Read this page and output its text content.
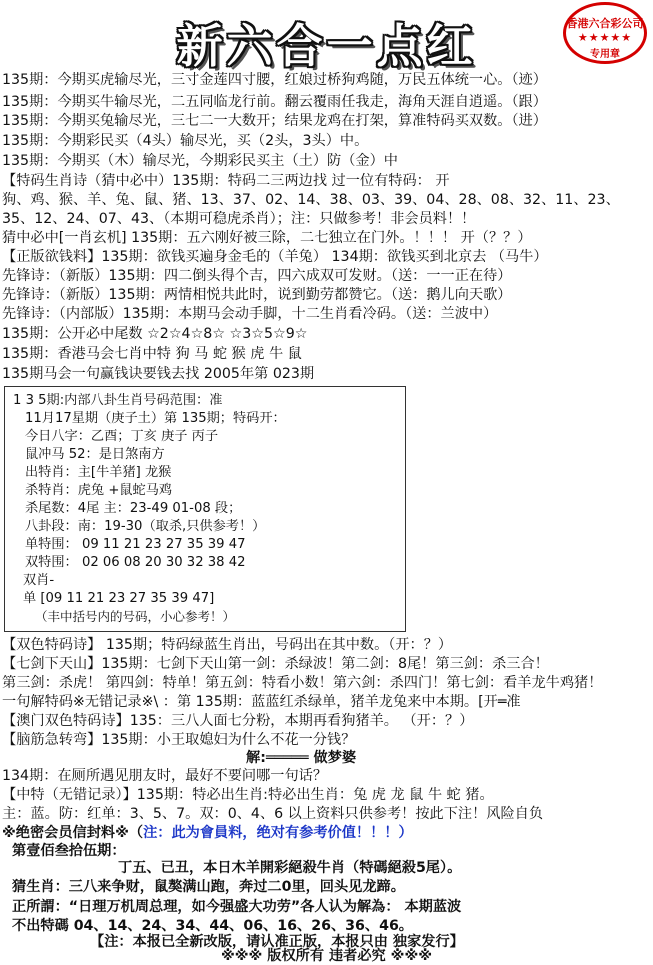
新六合一点红	香港六合彩公司
★★★★★
专用章
135期：今期买虎输尽光，三寸金莲四寸腰，红娘过桥狗鸡随，万民五体统一心。（迹）
135期：今期买牛输尽光，二五同临龙行前。翻云覆雨任我走，海角天涯自逍遥。（跟）
135期：今期买兔输尽光，三七二一大数开；结果龙鸡在打架，算准特码买双数。（进）
135期：今期彩民买（4头）输尽光，买（2头，3头）中。
135期：今期买（木）输尽光，今期彩民买主（土）防（金）中
【特码生肖诗（猜中必中）135期：特码二三两边找 过一位有特码： 开
狗、鸡、猴、羊、兔、鼠、猪、13、37、02、14、38、03、39、04、28、08、32、11、23、
35、12、24、07、43、（本期可稳虎杀肖）；注：只做参考！非会员料！！
猜中必中[一肖玄机] 135期：五六刚好被三除，二七独立在门外。！！！ 开（？？）
【正版欲钱料】135期：欲钱买遍身金毛的（羊兔） 134期：欲钱买到北京去 （马牛）
先锋诗：（新版）135期：四二倒头得个吉，四六成双可发财。（送：一一正在待）
先锋诗：（新版）135期：两情相悦共此时，说到勤劳都赞它。（送：鹅儿向天歌）
先锋诗：（内部版）135期：本期马会动手脚，十二生肖看冷码。（送：兰波中）
135期：公开必中尾数 ☆2☆4☆8☆ ☆3☆5☆9☆
135期：香港马会七肖中特 狗 马 蛇 猴 虎 牛 鼠
135期马会一句赢钱诀要钱去找 2005年第 023期
1 3 5期:内部八卦生肖号码范围：准
11月17星期（庚子土）第 135期；特码开：
今日八字：乙酉；丁亥 庚子 丙子
鼠冲马 52：是日煞南方
出特肖：主[牛羊猪] 龙猴
杀特肖：虎兔 +鼠蛇马鸡
杀尾数：4尾 主：23-49 01-08 段；
八卦段：南：19-30（取杀,只供参考！）
单特围： 09 11 21 23 27 35 39 47
双特围： 02 06 08 20 30 32 38 42
双肖-
单 [09 11 21 23 27 35 39 47]
（丰中括号内的号码，小心参考！）
【双色特码诗】 135期；特码绿蓝生肖出，号码出在其中数。（开：？）
【七剑下天山】135期：七剑下天山第一剑：杀绿波！第二剑：8尾！第三剑：杀三合！
第三剑：杀虎！ 第四剑：特单！第五剑：特看小数！第六剑：杀四门！第七剑：看羊龙牛鸡猪！
一句解特码※无错记录※\ ：第 135期：蓝蓝红杀绿单，猪羊龙兔来中本期。[开═准
【澳门双色特码诗】135：三八人面七分粉，本期再看狗猪羊。 （开：？）
【脑筋急转弯】135期：小王取媳妇为什么不花一分钱？
解:═════ 做梦婆
134期：在厕所遇见朋友时，最好不要问哪一句话？
【中特（无错记录）】135期：特必出生肖:特必出生肖：兔 虎 龙 鼠 牛 蛇 猪。
主：蓝。防：红单：3、5、7。双：0、4、6 以上资料只供参考！按此下注！风险自负
※绝密会员信封料※（注：此为會員料，绝对有参考价值！！！）
第壹佰叁拾伍期：
丁五、已丑，本日木羊開彩絕殺牛肖（特碼絕殺5尾）。
猜生肖：三八来争财，鼠獒满山跑，奔过二0里，回头见龙蹄。
正所謂：“日理万机周总理，如今强盛大功劳”各人认为解為： 本期蓝波
不出特碼 04、14、24、34、44、06、16、26、36、46。
【注：本报已全新改版，请认准正版，本报只由 独家发行】
※※※ 版权所有 违者必究 ※※※
